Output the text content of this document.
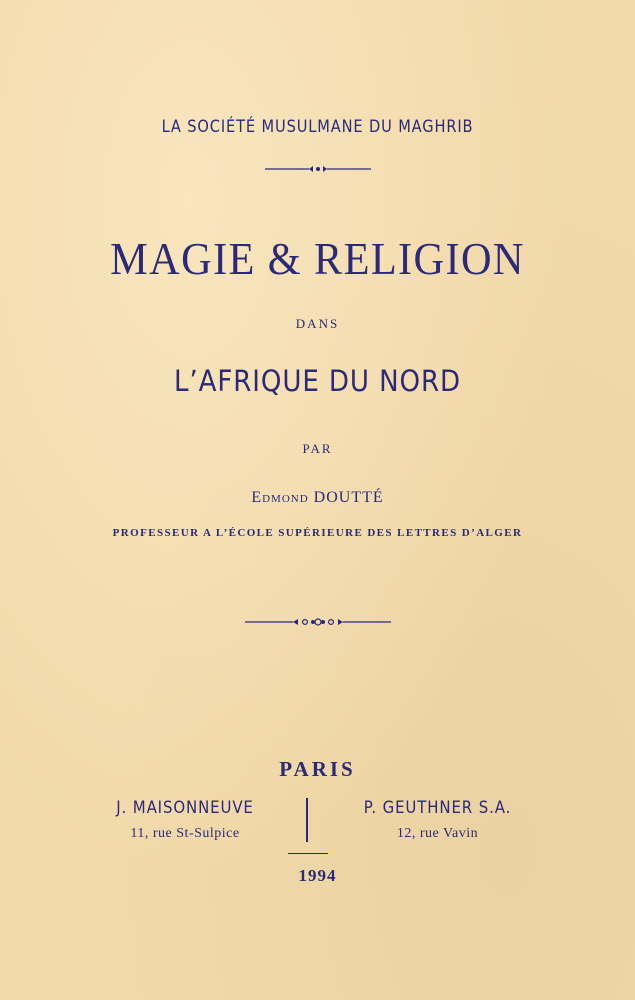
LA SOCIÉTÉ MUSULMANE DU MAGHRIB
MAGIE & RELIGION
DANS
L’AFRIQUE DU NORD
PAR
Edmond DOUTTÉ
PROFESSEUR A L’ÉCOLE SUPÉRIEURE DES LETTRES D’ALGER
PARIS
J. MAISONNEUVE
11, rue St-Sulpice
P. GEUTHNER S.A.
12, rue Vavin
1994
